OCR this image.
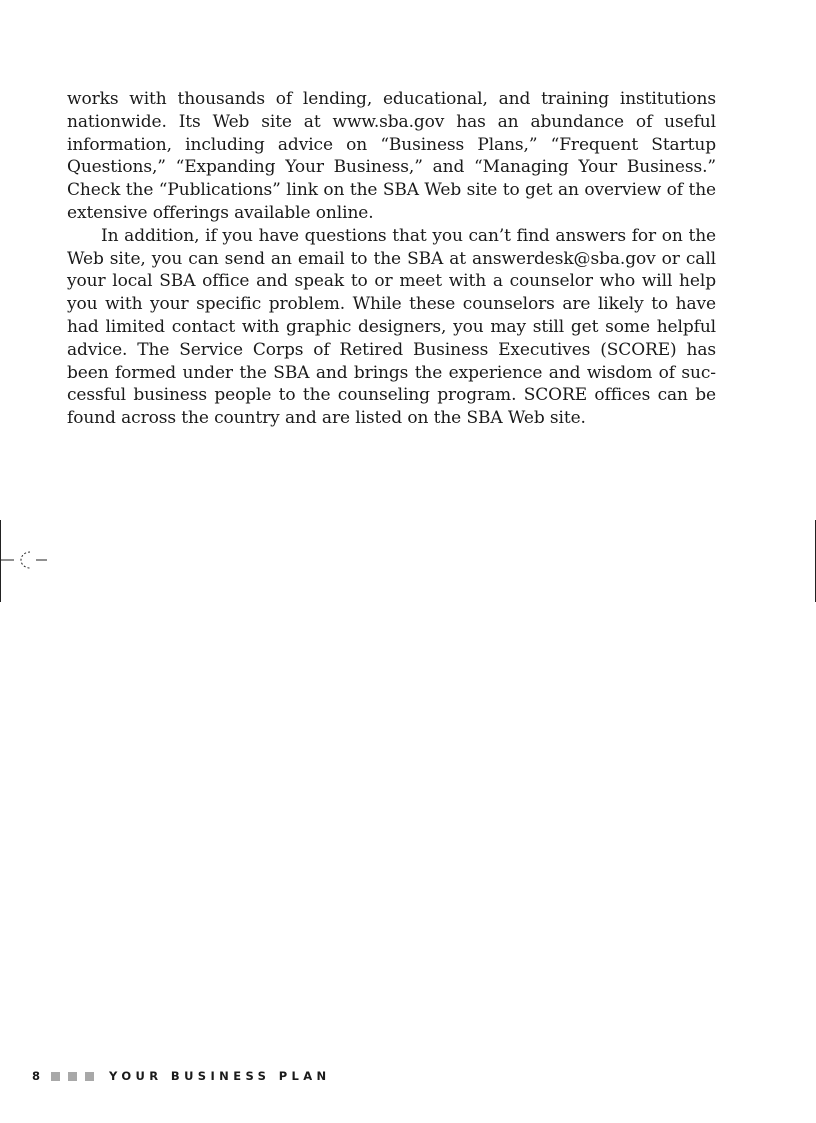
works with thousands of lending, educational, and training institutions nationwide. Its Web site at www.sba.gov has an abundance of useful information, including advice on “Business Plans,” “Frequent Startup Questions,” “Expanding Your Business,” and “Managing Your Business.” Check the “Publications” link on the SBA Web site to get an overview of the extensive offerings available online.

In addition, if you have questions that you can’t find answers for on the Web site, you can send an email to the SBA at answerdesk@sba.gov or call your local SBA office and speak to or meet with a counselor who will help you with your specific problem. While these counselors are likely to have had limited contact with graphic designers, you may still get some helpful advice. The Service Corps of Retired Business Executives (SCORE) has been formed under the SBA and brings the experience and wisdom of successful business people to the counseling program. SCORE offices can be found across the country and are listed on the SBA Web site.

8	YOUR BUSINESS PLAN
